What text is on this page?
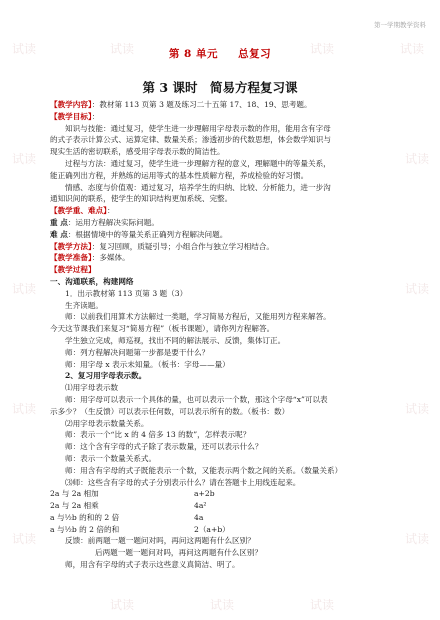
第一学期教学资料
第 8 单元 总复习
第 3 课时　简易方程复习课

【教学内容】：教材第 113 页第 3 题及练习二十五第 17、18、19、思考题。

【教学目标】：

知识与技能：通过复习，使学生进一步理解用字母表示数的作用，能用含有字母

的式子表示计算公式、运算定律、数量关系；渗透初步的代数思想，体会数学知识与

现实生活的密切联系，感受用字母表示数的简洁性。

过程与方法：通过复习，使学生进一步理解方程的意义，理解题中的等量关系，

能正确列出方程，并熟练的运用等式的基本性质解方程，养成检验的好习惯。

情感、态度与价值观：通过复习，培养学生的归纳、比较、分析能力，进一步沟

通知识间的联系，使学生的知识结构更加系统、完整。

【教学重、难点】：

重 点：运用方程解决实际问题。

难 点：根据情境中的等量关系正确列方程解决问题。

【教学方法】：复习回顾，质疑引导；小组合作与独立学习相结合。

【教学准备】：多媒体。

【教学过程】

一、沟通联系，构建网络

1．出示教材第 113 页第 3 题（3）

生齐读题。

师：以前我们用算术方法解过一类题，学习简易方程后，又能用列方程来解答。

今天这节课我们来复习“简易方程”（板书课题），请你列方程解答。

学生独立完成，师巡视，找出不同的解法展示、反馈，集体订正。

师：列方程解决问题第一步都是要干什么？

师：用字母 x 表示未知量。（板书：字母——量）

2、复习用字母表示数。

⑴用字母表示数

师：用字母可以表示一个具体的量，也可以表示一个数，那这个字母“x”可以表

示多少？（生反馈）可以表示任何数，可以表示所有的数。（板书：数）

⑵用字母表示数量关系。

师：表示一个“比 x 的 4 倍多 13 的数”，怎样表示呢？

师：这个含有字母的式子除了表示数量，还可以表示什么？

师：表示一个数量关系式。

师：用含有字母的式子既能表示一个数，又能表示两个数之间的关系。（数量关系）

⑶师：这些含有字母的式子分别表示什么？请在答题卡上用线连起来。

2a 与 2a 相加	a+2b
2a 与 2a 相乘	4a²
a 与½b 的和的 2 倍	4a
a 与½b 的 2 倍的和	2（a+b）

反馈：前两题一题一题问对吗，再问这两题有什么区别？

后两题一题一题问对吗，再问这两题有什么区别？

师，用含有字母的式子表示这些意义真简洁、明了。

试读	试读	试读	试读
试读
试读
试读
试读
试读
试读
试读
试读
试读	试读	试读
